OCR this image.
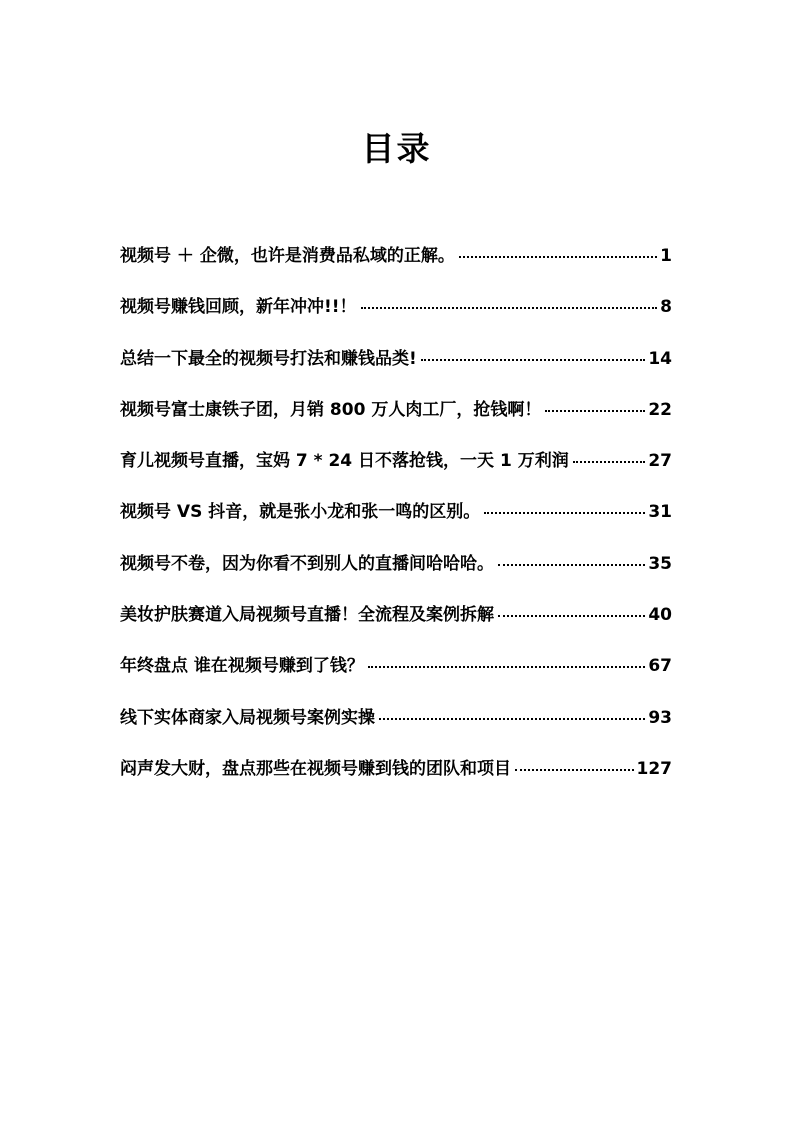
目录
视频号 ＋ 企微，也许是消费品私域的正解。	1
视频号赚钱回顾，新年冲冲!!！	8
总结一下最全的视频号打法和赚钱品类!	14
视频号富士康铁子团，月销 800 万人肉工厂，抢钱啊！	22
育儿视频号直播，宝妈 7 * 24 日不落抢钱，一天 1 万利润	27
视频号 VS 抖音，就是张小龙和张一鸣的区别。	31
视频号不卷，因为你看不到别人的直播间哈哈哈。	35
美妆护肤赛道入局视频号直播！全流程及案例拆解	40
年终盘点 谁在视频号赚到了钱？	67
线下实体商家入局视频号案例实操	93
闷声发大财，盘点那些在视频号赚到钱的团队和项目	127
